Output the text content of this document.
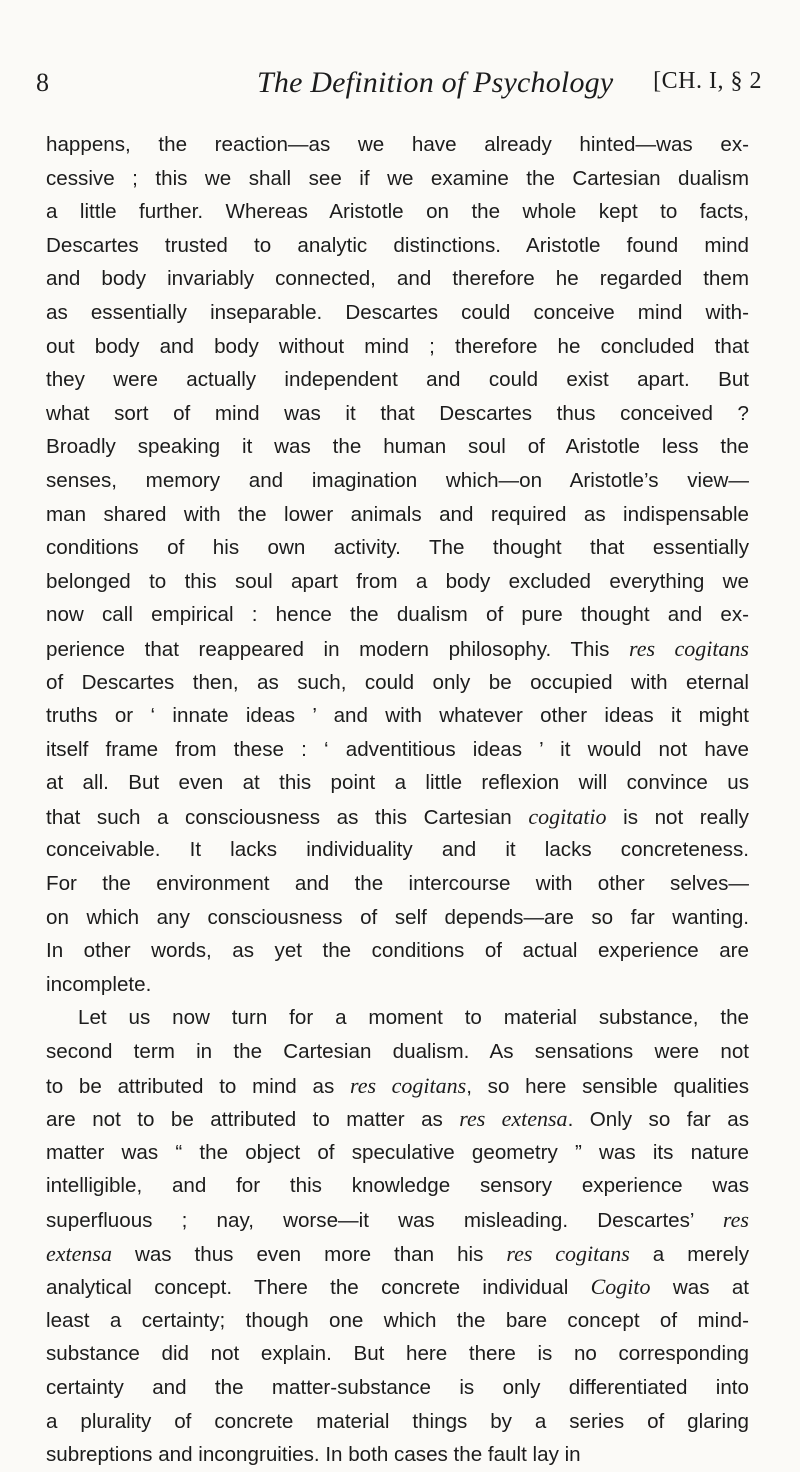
8	The Definition of Psychology [CH. I, § 2
happens, the reaction—as we have already hinted—was ex-
cessive ; this we shall see if we examine the Cartesian dualism
a little further. Whereas Aristotle on the whole kept to facts,
Descartes trusted to analytic distinctions. Aristotle found mind
and body invariably connected, and therefore he regarded them
as essentially inseparable. Descartes could conceive mind with-
out body and body without mind ; therefore he concluded that
they were actually independent and could exist apart. But
what sort of mind was it that Descartes thus conceived ?
Broadly speaking it was the human soul of Aristotle less the
senses, memory and imagination which—on Aristotle’s view—
man shared with the lower animals and required as indispensable
conditions of his own activity. The thought that essentially
belonged to this soul apart from a body excluded everything we
now call empirical : hence the dualism of pure thought and ex-
perience that reappeared in modern philosophy. This res cogitans
of Descartes then, as such, could only be occupied with eternal
truths or ‘ innate ideas ’ and with whatever other ideas it might
itself frame from these : ‘ adventitious ideas ’ it would not have
at all. But even at this point a little reflexion will convince us
that such a consciousness as this Cartesian cogitatio is not really
conceivable. It lacks individuality and it lacks concreteness.
For the environment and the intercourse with other selves—
on which any consciousness of self depends—are so far wanting.
In other words, as yet the conditions of actual experience are
incomplete.
Let us now turn for a moment to material substance, the
second term in the Cartesian dualism. As sensations were not
to be attributed to mind as res cogitans, so here sensible qualities
are not to be attributed to matter as res extensa. Only so far as
matter was “ the object of speculative geometry ” was its nature
intelligible, and for this knowledge sensory experience was
superfluous ; nay, worse—it was misleading. Descartes’ res
extensa was thus even more than his res cogitans a merely
analytical concept. There the concrete individual Cogito was at
least a certainty; though one which the bare concept of mind-
substance did not explain. But here there is no corresponding
certainty and the matter-substance is only differentiated into
a plurality of concrete material things by a series of glaring
subreptions and incongruities. In both cases the fault lay in
